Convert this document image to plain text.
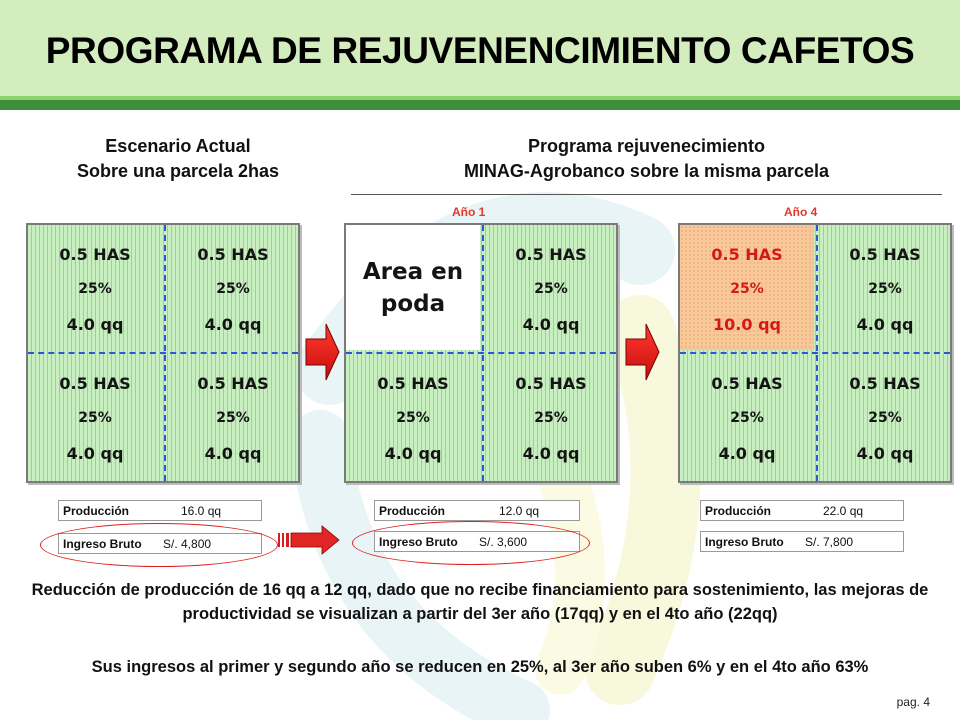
PROGRAMA DE REJUVENENCIMIENTO CAFETOS
Escenario Actual
Sobre una parcela 2has
Programa rejuvenecimiento
MINAG-Agrobanco sobre la misma parcela
Año 1	Año 4
0.5 HAS
25%
4.0 qq
0.5 HAS
25%
4.0 qq
0.5 HAS
25%
4.0 qq
0.5 HAS
25%
4.0 qq
Area en
poda
0.5 HAS
25%
4.0 qq
0.5 HAS
25%
4.0 qq
0.5 HAS
25%
4.0 qq
0.5 HAS
25%
10.0 qq
0.5 HAS
25%
4.0 qq
0.5 HAS
25%
4.0 qq
0.5 HAS
25%
4.0 qq
Producción	16.0 qq
Ingreso Bruto S/. 4,800
Producción	12.0 qq
Ingreso Bruto S/. 3,600
Producción	22.0 qq
Ingreso Bruto S/. 7,800
Reducción de producción de 16 qq a 12 qq, dado que no recibe financiamiento para sostenimiento, las mejoras de productividad se visualizan a partir del 3er año (17qq) y en el 4to año (22qq)
Sus ingresos al primer y segundo año se reducen en 25%, al 3er año suben 6% y en el 4to año 63%
pag. 4
